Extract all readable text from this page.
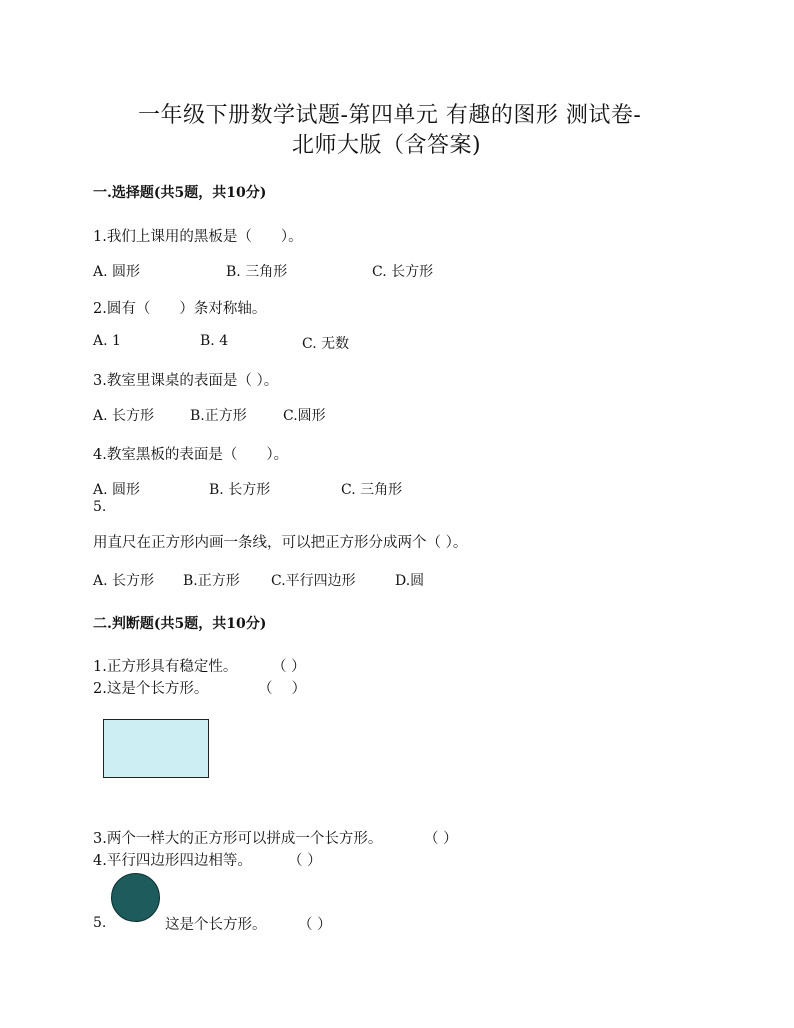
一年级下册数学试题-第四单元 有趣的图形 测试卷-
北师大版（含答案)
一.选择题(共5题，共10分)
1.我们上课用的黑板是（　　）。
A. 圆形	B. 三角形	C. 长方形
2.圆有（　　）条对称轴。
A. 1	B. 4	C. 无数
3.教室里课桌的表面是（ ）。
A. 长方形	B.正方形	C.圆形
4.教室黑板的表面是（　　）。
A. 圆形	B. 长方形	C. 三角形
5.
用直尺在正方形内画一条线，可以把正方形分成两个（ ）。
A. 长方形 B.正方形 C.平行四边形	D.圆
二.判断题(共5题，共10分)
1.正方形具有稳定性。 （ ）
2.这是个长方形。	（　 ）
3.两个一样大的正方形可以拼成一个长方形。	（ ）
4.平行四边形四边相等。 （ ）
5.	这是个长方形。 （ ）
